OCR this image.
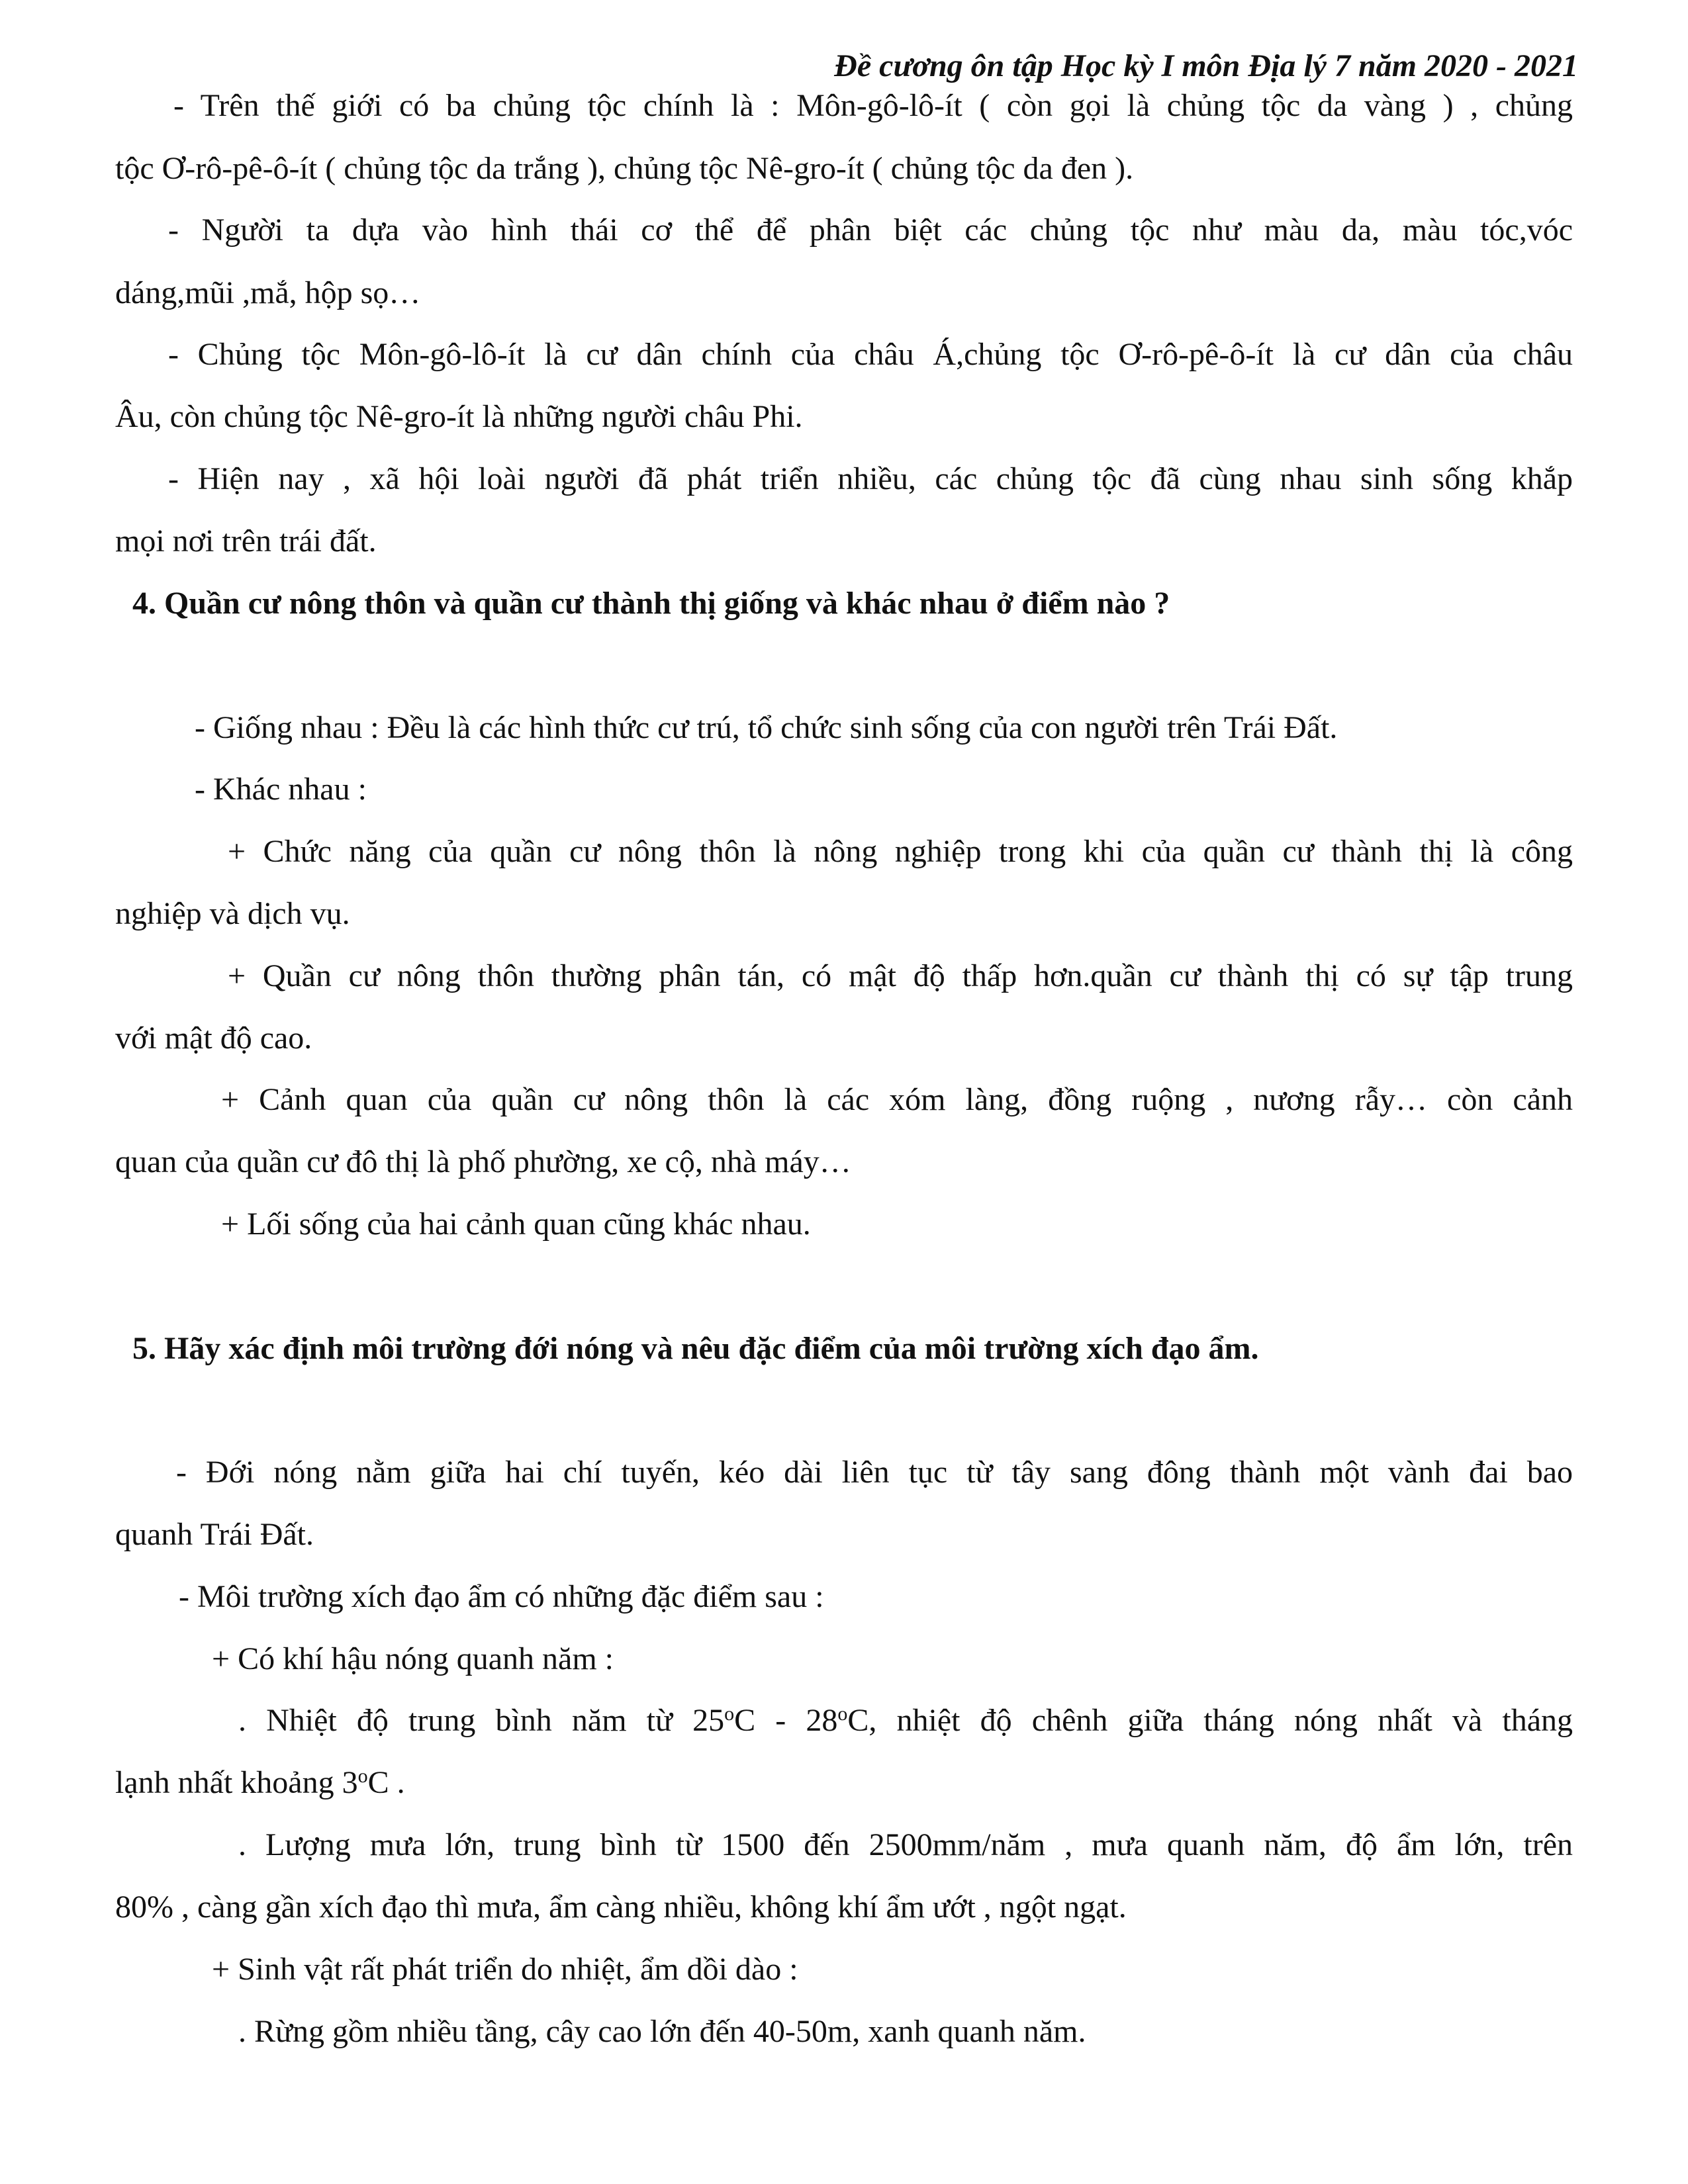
Đề cương ôn tập Học kỳ I môn Địa lý 7 năm 2020 - 2021
- Trên thế giới có ba chủng tộc chính là : Môn-gô-lô-ít ( còn gọi là chủng tộc da vàng ) , chủng
tộc Ơ-rô-pê-ô-ít ( chủng tộc da trắng ), chủng tộc Nê-gro-ít ( chủng tộc da đen ).
- Người ta dựa vào hình thái cơ thể để phân biệt các chủng tộc như màu da, màu tóc,vóc
dáng,mũi ,mắ, hộp sọ…
- Chủng tộc Môn-gô-lô-ít là cư dân chính của châu Á,chủng tộc Ơ-rô-pê-ô-ít là cư dân của châu
Âu, còn chủng tộc Nê-gro-ít là những người châu Phi.
- Hiện nay , xã hội loài người đã phát triển nhiều, các chủng tộc đã cùng nhau sinh sống khắp
mọi nơi trên trái đất.
4. Quần cư nông thôn và quần cư thành thị giống và khác nhau ở điểm nào ?
- Giống nhau : Đều là các hình thức cư trú, tổ chức sinh sống của con người trên Trái Đất.
- Khác nhau :
+ Chức năng của quần cư nông thôn là nông nghiệp trong khi của quần cư thành thị là công
nghiệp và dịch vụ.
+ Quần cư nông thôn thường phân tán, có mật độ thấp hơn.quần cư thành thị có sự tập trung
với mật độ cao.
+ Cảnh quan của quần cư nông thôn là các xóm làng, đồng ruộng , nương rẫy… còn cảnh
quan của quần cư đô thị là phố phường, xe cộ, nhà máy…
+ Lối sống của hai cảnh quan cũng khác nhau.
5. Hãy xác định môi trường đới nóng và nêu đặc điểm của môi trường xích đạo ẩm.
- Đới nóng nằm giữa hai chí tuyến, kéo dài liên tục từ tây sang đông thành một vành đai bao
quanh Trái Đất.
- Môi trường xích đạo ẩm có những đặc điểm sau :
+ Có khí hậu nóng quanh năm :
. Nhiệt độ trung bình năm từ 25$^o$C - 28$^o$C, nhiệt độ chênh giữa tháng nóng nhất và tháng
lạnh nhất khoảng 3$^o$C .
. Lượng mưa lớn, trung bình từ 1500 đến 2500mm/năm , mưa quanh năm, độ ẩm lớn, trên
80% , càng gần xích đạo thì mưa, ẩm càng nhiều, không khí ẩm ướt , ngột ngạt.
+ Sinh vật rất phát triển do nhiệt, ẩm dồi dào :
. Rừng gồm nhiều tầng, cây cao lớn đến 40-50m, xanh quanh năm.
